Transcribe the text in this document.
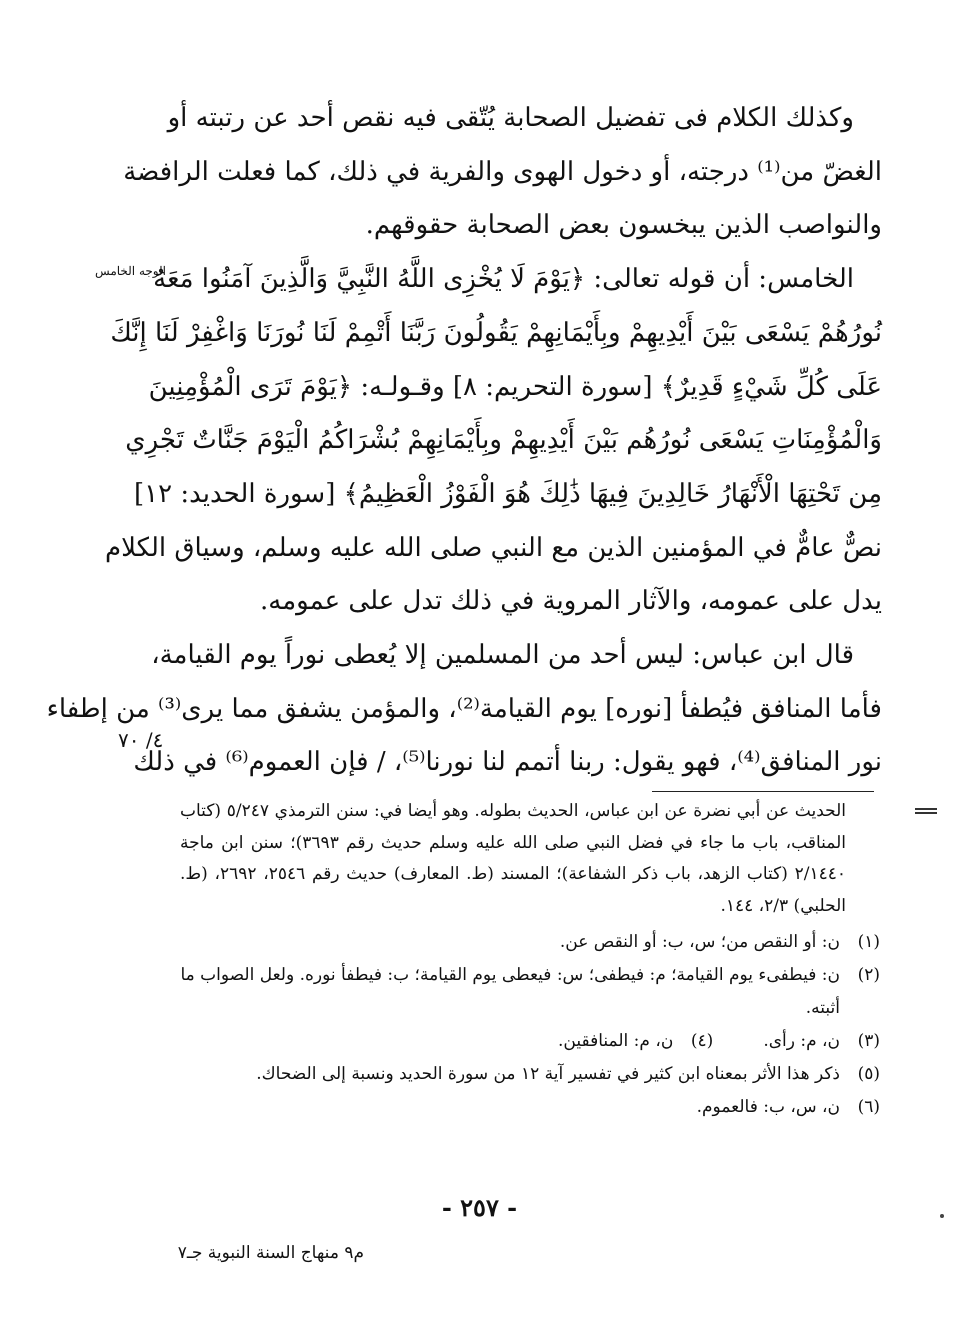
وكذلك الكلام فى تفضيل الصحابة يُتّقى فيه نقص أحد عن رتبته أو
الغضّ من⁽¹⁾ درجته، أو دخول الهوى والفرية في ذلك، كما فعلت الرافضة
والنواصب الذين يبخسون بعض الصحابة حقوقهم.
الخامس: أن قوله تعالى: ﴿يَوْمَ لَا يُخْزِى اللَّهُ النَّبِيَّ وَالَّذِينَ آمَنُوا مَعَهُ
نُورُهُمْ يَسْعَى بَيْنَ أَيْدِيهِمْ وبِأَيْمَانِهِمْ يَقُولُونَ رَبَّنَا أَتْمِمْ لَنَا نُورَنَا وَاغْفِرْ لَنَا إِنَّكَ
عَلَى كُلِّ شَيْءٍ قَدِيرٌ﴾ [سورة التحريم: ٨] وقـولـه: ﴿يَوْمَ تَرَى الْمُؤْمِنِينَ
وَالْمُؤْمِنَاتِ يَسْعَى نُورُهُم بَيْنَ أَيْدِيهِمْ وبِأَيْمَانِهِمْ بُشْرَاكُمُ الْيَوْمَ جَنَّاتٌ تَجْرِي
مِن تَحْتِهَا الْأَنْهَارُ خَالِدِينَ فِيهَا ذَٰلِكَ هُوَ الْفَوْزُ الْعَظِيمُ﴾ [سورة الحديد: ١٢]
نصٌّ عامٌّ في المؤمنين الذين مع النبي صلى الله عليه وسلم، وسياق الكلام
يدل على عمومه، والآثار المروية في ذلك تدل على عمومه.
قال ابن عباس: ليس أحد من المسلمين إلا يُعطى نوراً يوم القيامة،
فأما المنافق فيُطفأ [نوره] يوم القيامة⁽²⁾، والمؤمن يشفق مما يرى⁽³⁾ من إطفاء
نور المنافق⁽⁴⁾، فهو يقول: ربنا أتمم لنا نورنا⁽⁵⁾، / فإن العموم⁽⁶⁾ في ذلك
الوجه الخامس
٤/ ٧٠

الحديث عن أبي نضرة عن ابن عباس، الحديث بطوله. وهو أيضا في: سنن الترمذي ٥/٢٤٧ (كتاب المناقب، باب ما جاء في فضل النبي صلى الله عليه وسلم حديث رقم ٣٦٩٣)؛ سنن ابن ماجة ٢/١٤٤٠ (كتاب الزهد، باب ذكر الشفاعة)؛ المسند (ط. المعارف) حديث رقم ٢٥٤٦، ٢٦٩٢، (ط. الحلبي) ٢/٣، ١٤٤.

(١)
ن: أو النقص من؛ س، ب: أو النقص عن.
(٢)
ن: فيطفىء يوم القيامة؛ م: فيطفى؛ س: فيعطى يوم القيامة؛ ب: فيطفأ نوره. ولعل الصواب ما أثبته.
(٣)
ن، م: رأى.
(٤)
ن، م: المنافقين.
(٥)
ذكر هذا الأثر بمعناه ابن كثير في تفسير آية ١٢ من سورة الحديد ونسبة إلى الضحاك.
(٦)
ن، س، ب: فالعموم.
- ٢٥٧ -
م٩ منهاج السنة النبوية جـ٧
